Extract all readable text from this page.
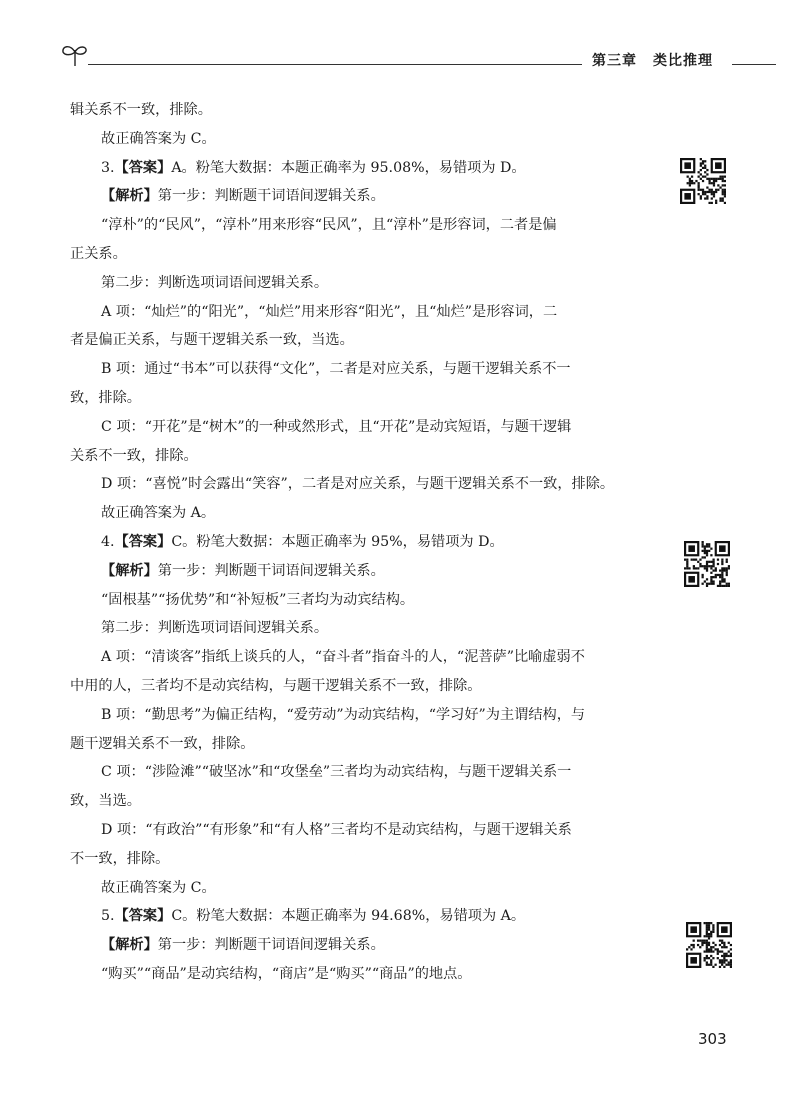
第三章 类比推理
辑关系不一致，排除。
故正确答案为 C。
3.【答案】A。粉笔大数据：本题正确率为 95.08%，易错项为 D。
【解析】第一步：判断题干词语间逻辑关系。
“淳朴”的“民风”，“淳朴”用来形容“民风”，且“淳朴”是形容词，二者是偏
正关系。
第二步：判断选项词语间逻辑关系。
A 项：“灿烂”的“阳光”，“灿烂”用来形容“阳光”，且“灿烂”是形容词，二
者是偏正关系，与题干逻辑关系一致，当选。
B 项：通过“书本”可以获得“文化”，二者是对应关系，与题干逻辑关系不一
致，排除。
C 项：“开花”是“树木”的一种或然形式，且“开花”是动宾短语，与题干逻辑
关系不一致，排除。
D 项：“喜悦”时会露出“笑容”，二者是对应关系，与题干逻辑关系不一致，排除。
故正确答案为 A。
4.【答案】C。粉笔大数据：本题正确率为 95%，易错项为 D。
【解析】第一步：判断题干词语间逻辑关系。
“固根基”“扬优势”和“补短板”三者均为动宾结构。
第二步：判断选项词语间逻辑关系。
A 项：“清谈客”指纸上谈兵的人，“奋斗者”指奋斗的人，“泥菩萨”比喻虚弱不
中用的人，三者均不是动宾结构，与题干逻辑关系不一致，排除。
B 项：“勤思考”为偏正结构，“爱劳动”为动宾结构，“学习好”为主谓结构，与
题干逻辑关系不一致，排除。
C 项：“涉险滩”“破坚冰”和“攻堡垒”三者均为动宾结构，与题干逻辑关系一
致，当选。
D 项：“有政治”“有形象”和“有人格”三者均不是动宾结构，与题干逻辑关系
不一致，排除。
故正确答案为 C。
5.【答案】C。粉笔大数据：本题正确率为 94.68%，易错项为 A。
【解析】第一步：判断题干词语间逻辑关系。
“购买”“商品”是动宾结构，“商店”是“购买”“商品”的地点。
303
